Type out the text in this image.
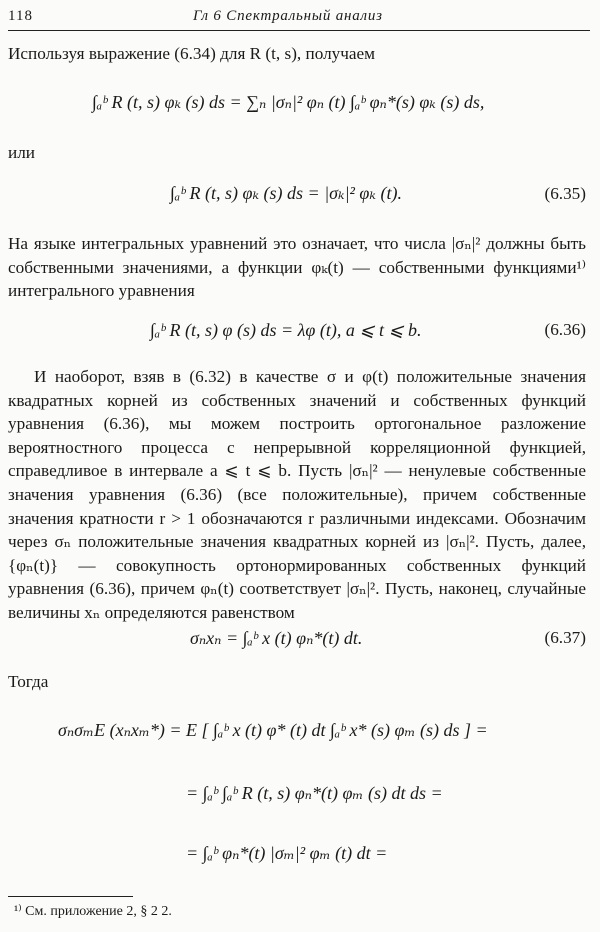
118	Гл 6 Спектральный анализ
Используя выражение (6.34) для R (t, s), получаем
∫ₐᵇ R (t, s) φₖ (s) ds = ∑ₙ |σₙ|² φₙ (t) ∫ₐᵇ φₙ*(s) φₖ (s) ds,
или
∫ₐᵇ R (t, s) φₖ (s) ds = |σₖ|² φₖ (t).	(6.35)
На языке интегральных уравнений это означает, что числа |σₙ|² должны быть собственными значениями, а функции φₖ(t) — собственными функциями¹⁾ интегрального уравнения
∫ₐᵇ R (t, s) φ (s) ds = λφ (t), a ⩽ t ⩽ b.	(6.36)
И наоборот, взяв в (6.32) в качестве σ и φ(t) положительные значения квадратных корней из собственных значений и собственных функций уравнения (6.36), мы можем построить ортогональное разложение вероятностного процесса с непрерывной корреляционной функцией, справедливое в интервале a ⩽ t ⩽ b. Пусть |σₙ|² — ненулевые собственные значения уравнения (6.36) (все положительные), причем собственные значения кратности r > 1 обозначаются r различными индексами. Обозначим через σₙ положительные значения квадратных корней из |σₙ|². Пусть, далее, {φₙ(t)} — совокупность ортонормированных собственных функций уравнения (6.36), причем φₙ(t) соответствует |σₙ|². Пусть, наконец, случайные величины xₙ определяются равенством
σₙxₙ = ∫ₐᵇ x (t) φₙ*(t) dt.	(6.37)
Тогда
σₙσₘE (xₙxₘ*) = E [ ∫ₐᵇ x (t) φ* (t) dt ∫ₐᵇ x* (s) φₘ (s) ds ] =
= ∫ₐᵇ ∫ₐᵇ R (t, s) φₙ*(t) φₘ (s) dt ds =
= ∫ₐᵇ φₙ*(t) |σₘ|² φₘ (t) dt =
¹⁾ См. приложение 2, § 2 2.
